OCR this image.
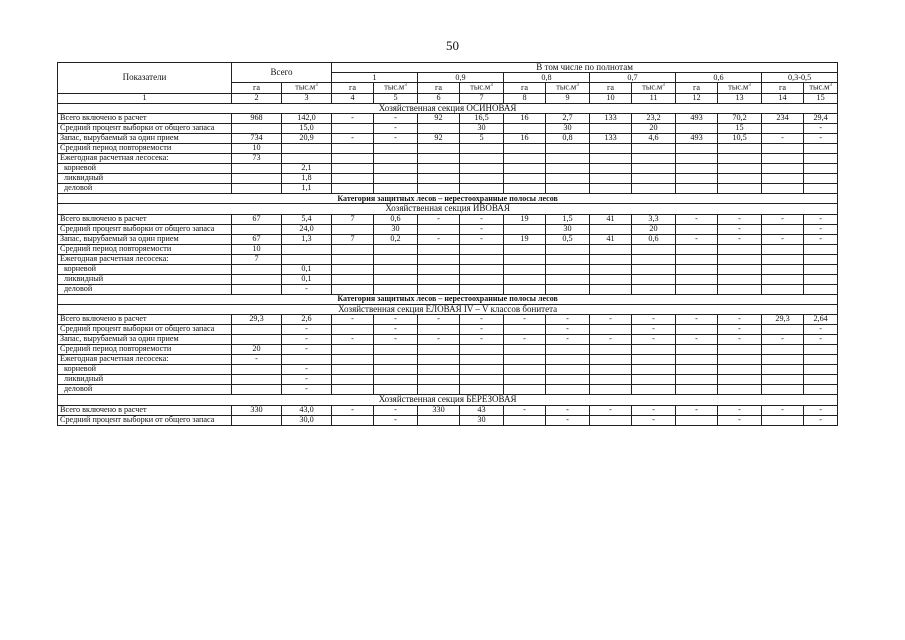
50
Показатели	Всего		В том числе по полнотам											
			1		0,9		0,8		0,7		0,6		0,3-0,5	
	га	$тыс.м^3$	га	$тыс.м^3$	га	$тыс.м^3$	га	$тыс.м^3$	га	$тыс.м^3$	га	$тыс.м^3$	га	$тыс.м^3$
1	2	3	4	5	6	7	8	9	10	11	12	13	14	15
Хозяйственная секция ОСИНОВАЯ														
Всего включено в расчет	968	142,0	-	-	92	16,5	16	2,7	133	23,2	493	70,2	234	29,4
Средний процент выборки от общего запаса		15,0		-		30		30		20		15		-
Запас, вырубаемый за один прием	734	20,9	-	-	92	5	16	0,8	133	4,6	493	10,5	-	-
Средний период повторяемости	10													
Ежегодная расчетная лесосека:	73													
корневой		2,1												
ликвидный		1,8												
деловой		1,1												
Категория защитных лесов – нерестоохранные полосы лесов														
Хозяйственная секция ИВОВАЯ														
Всего включено в расчет	67	5,4	7	0,6	-	-	19	1,5	41	3,3	-	-	-	-
Средний процент выборки от общего запаса		24,0		30		-		30		20		-		-
Запас, вырубаемый за один прием	67	1,3	7	0,2	-	-	19	0,5	41	0,6	-	-	-	-
Средний период повторяемости	10													
Ежегодная расчетная лесосека:	7													
корневой		0,1												
ликвидный		0,1												
деловой		-												
Категория защитных лесов – нерестоохранные полосы лесов														
Хозяйственная секция ЕЛОВАЯ IV – V классов бонитета														
Всего включено в расчет	29,3	2,6	-	-	-	-	-	-	-	-	-	-	29,3	2,64
Средний процент выборки от общего запаса		-		-		-		-		-		-		-
Запас, вырубаемый за один прием		-	-	-	-	-	-	-	-	-	-	-	-	-
Средний период повторяемости	20	-												
Ежегодная расчетная лесосека:	-													
корневой		-												
ликвидный		-												
деловой		-												
Хозяйственная секция БЕРЕЗОВАЯ														
Всего включено в расчет	330	43,0	-	-	330	43	-	-	-	-	-	-	-	-
Средний процент выборки от общего запаса		30,0		-		30		-		-		-		-
